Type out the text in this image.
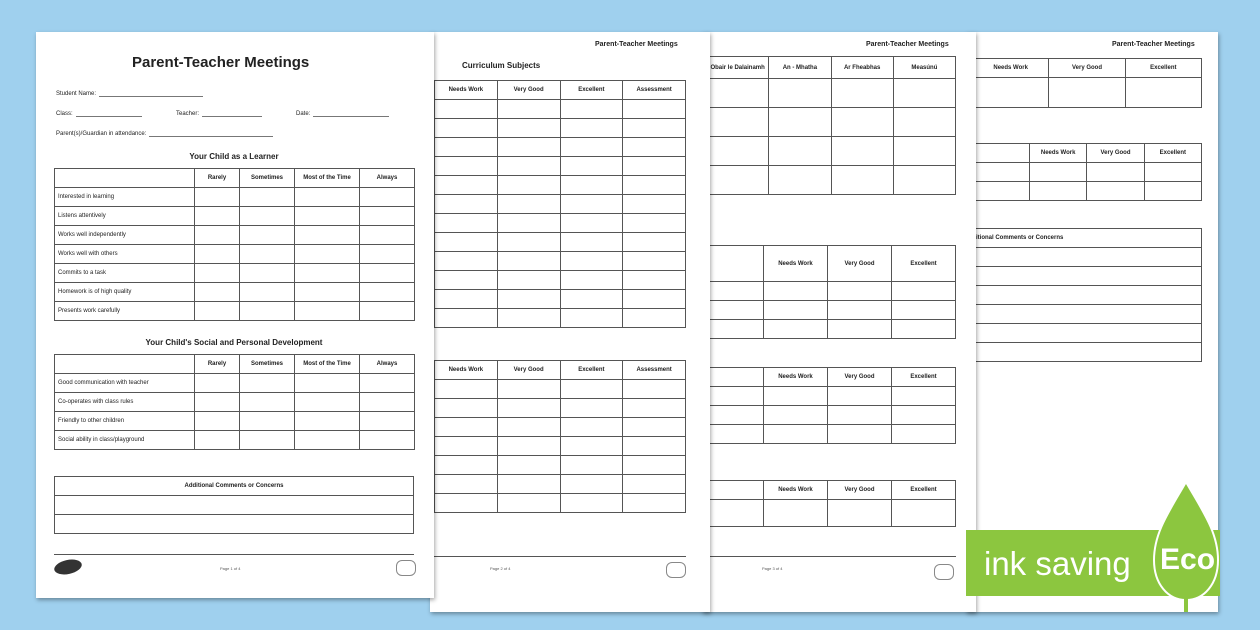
Parent-Teacher Meetings
Needs Work	Very Good	Excellent

	Needs Work	Very Good	Excellent

itional Comments or Concerns

Parent-Teacher Meetings
Obair le Dalainamh	An - Mhatha	Ar Fheabhas	Measúnú

	Needs Work	Very Good	Excellent

	Needs Work	Very Good	Excellent

	Needs Work	Very Good	Excellent

Page 3 of 4
Parent-Teacher Meetings
Curriculum Subjects
Needs Work	Very Good	Excellent	Assessment

Needs Work	Very Good	Excellent	Assessment

Page 2 of 4
Parent-Teacher Meetings
Student Name:
Class:	Teacher:	Date:
Parent(s)/Guardian in attendance:
Your Child as a Learner
	Rarely	Sometimes	Most of the Time	Always
Interested in learning				
Listens attentively				
Works well independently				
Works well with others				
Commits to a task				
Homework is of high quality				
Presents work carefully				
Your Child's Social and Personal Development
	Rarely	Sometimes	Most of the Time	Always
Good communication with teacher				
Co-operates with class rules				
Friendly to other children				
Social ability in class/playground				
Additional Comments or Concerns

Page 1 of 4	ink saving Eco
